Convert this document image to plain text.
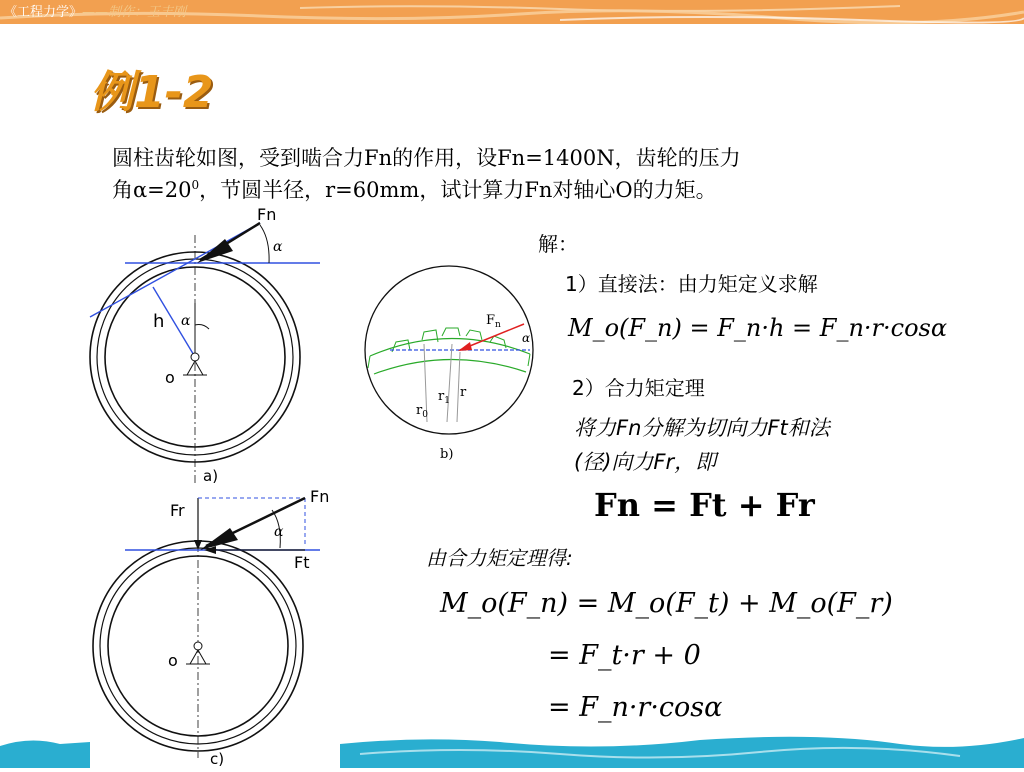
《工程力学》——制作：王丰刚
例1-2
圆柱齿轮如图，受到啮合力Fn的作用，设Fn=1400N，齿轮的压力
角$\alpha=20^0$，节圆半径，r=60mm，试计算力Fn对轴心O的力矩。
Fn
α
h α
o
a)
$F_n$
α
r
$r_1$
$r_0$
b)
Fr
Fn
Ft
α
o
c)
解：
1）直接法：由力矩定义求解
M_o(F_n) = F_n·h = F_n·r·cosα
2）合力矩定理
将力Fn分解为切向力Ft和法
(径)向力Fr，即
Fn = Ft + Fr
由合力矩定理得:
M_o(F_n) = M_o(F_t) + M_o(F_r)
= F_t·r + 0
= F_n·r·cosα
